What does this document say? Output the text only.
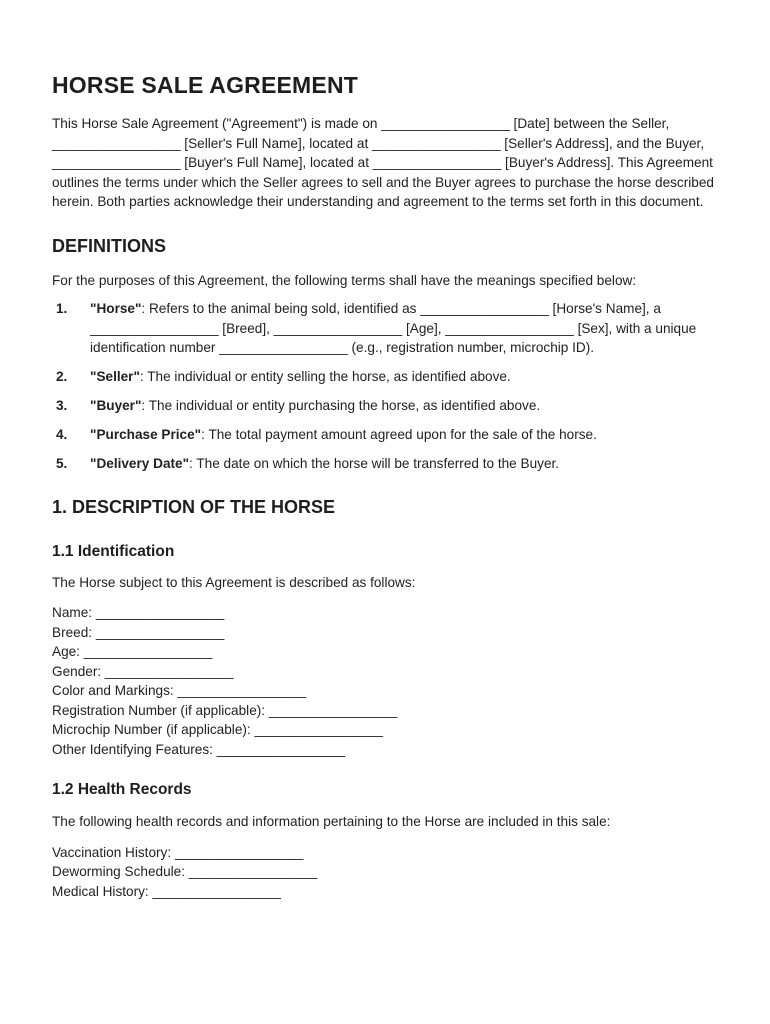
HORSE SALE AGREEMENT

This Horse Sale Agreement ("Agreement") is made on _________________ [Date] between the Seller, _________________ [Seller's Full Name], located at _________________ [Seller's Address], and the Buyer, _________________ [Buyer's Full Name], located at _________________ [Buyer's Address]. This Agreement outlines the terms under which the Seller agrees to sell and the Buyer agrees to purchase the horse described herein. Both parties acknowledge their understanding and agreement to the terms set forth in this document.

DEFINITIONS

For the purposes of this Agreement, the following terms shall have the meanings specified below:

1. "Horse": Refers to the animal being sold, identified as _________________ [Horse's Name], a _________________ [Breed], _________________ [Age], _________________ [Sex], with a unique identification number _________________ (e.g., registration number, microchip ID).
2. "Seller": The individual or entity selling the horse, as identified above.
3. "Buyer": The individual or entity purchasing the horse, as identified above.
4. "Purchase Price": The total payment amount agreed upon for the sale of the horse.
5. "Delivery Date": The date on which the horse will be transferred to the Buyer.
1. DESCRIPTION OF THE HORSE
1.1 Identification

The Horse subject to this Agreement is described as follows:

Name: _________________
Breed: _________________
Age: _________________
Gender: _________________
Color and Markings: _________________
Registration Number (if applicable): _________________
Microchip Number (if applicable): _________________
Other Identifying Features: _________________
1.2 Health Records

The following health records and information pertaining to the Horse are included in this sale:

Vaccination History: _________________
Deworming Schedule: _________________
Medical History: _________________
